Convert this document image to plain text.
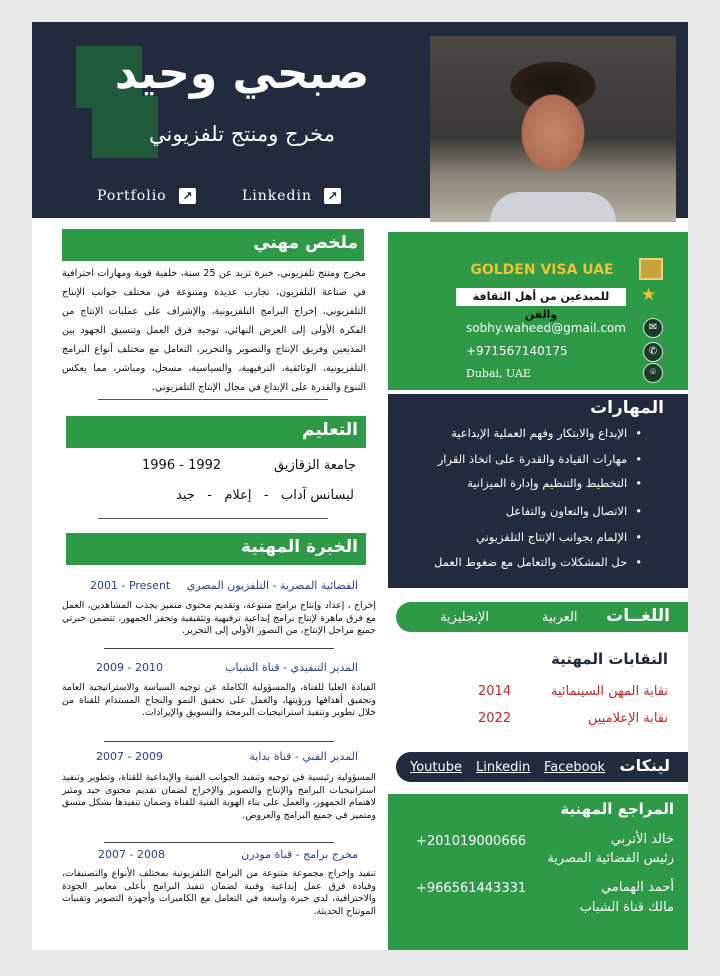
صبحي وحيد
مخرج ومنتج تلفزيوني
Portfolio ↗	Linkedin ↗
GOLDEN VISA UAE
★
للمبدعين من أهل الثقافة والفن
✉
sobhy.waheed@gmail.com
✆
+971567140175
⌾
Dubai, UAE
المهارات
• الإبداع والابتكار وفهم العملية الإبداعية
• مهارات القيادة والقدرة على اتخاذ القرار
• التخطيط والتنظيم وإدارة الميزانية
• الاتصال والتعاون والتفاعل
• الإلمام بجوانب الإنتاج التلفزيوني
• حل المشكلات والتعامل مع ضغوط العمل
اللغــات
العربية
الإنجليزية
النقابات المهنية
نقابة المهن السينمائية
2014
نقابة الإعلاميين
2022
لينكات
Facebook
Linkedin
Youtube
المراجع المهنية
خالد الأتربي
رئيس الفضائية المصرية
+201019000666
أحمد الهمامي
مالك قناة الشباب
+966561443331
ملخص مهني
مخرج ومنتج تلفزيوني، خبرة تزيد عن 25 سنة، خلفية قوية ومهارات احترافية في صناعة التلفزيون، تجارب عديدة ومتنوعة في مختلف جوانب الإنتاج التلفزيوني، إخراج البرامج التلفزيونية، والإشراف على عمليات الإنتاج من الفكرة الأولى إلى العرض النهائي، توجيه فرق العمل وتنسيق الجهود بين المذيعين وفريق الإنتاج والتصوير والتحرير، التعامل مع مختلف أنواع البرامج التلفزيونية، الوثائقية، الترفيهية، والسياسية، مسجل، ومباشر، مما يعكس التنوع والقدرة على الإبداع في مجال الإنتاج التلفزيوني.
التعليم
جامعة الزقازيق
1992 - 1996
ليسانس آداب   -   إعلام   -   جيد
الخبرة المهنية
الفضائية المصرية - التلفزيون المصري
2001 - Present
إخراج ، إعداد وإنتاج برامج متنوعة، وتقديم محتوى متميز يجذب المشاهدين، العمل مع فرق ماهرة لإنتاج برامج إبداعية ترفيهية وتثقيفية وتحفز الجمهور، تتضمن خبرتي جميع مراحل الإنتاج، من التصور الأولي إلى التحرير.
المدير التنفيذي - قناة الشباب
2009 - 2010
القيادة العليا للقناة، والمسؤولية الكاملة عن توجيه السياسة والاستراتيجية العامة وتحقيق أهدافها ورؤيتها، والعمل على تحقيق النمو والنجاح المستدام للقناة من خلال تطوير وتنفيذ استراتيجيات البرمجة والتسويق والإيرادات.
المدير الفني - قناة بداية
2007 - 2009
المسؤولية رئيسية في توجيه وتنفيذ الجوانب الفنية والإبداعية للقناة، وتطوير وتنفيذ استراتيجيات البرامج والإنتاج والتصوير والإخراج لضمان تقديم محتوى جيد ومثير لاهتمام الجمهور، والعمل على بناء الهوية الفنية للقناة وضمان تنفيذها بشكل متسق ومتميز في جميع البرامج والعروض.
مخرج برامج - قناة مودرن
2007 - 2008
تنفيذ وإخراج مجموعة متنوعة من البرامج التلفزيونية بمختلف الأنواع والتصنيفات، وقيادة فرق عمل إبداعية وفنية لضمان تنفيذ البرامج بأعلى معايير الجودة والاحترافية، لدي خبرة واسعة في التعامل مع الكاميرات وأجهزة التصوير وتقنيات المونتاج الحديثة.
